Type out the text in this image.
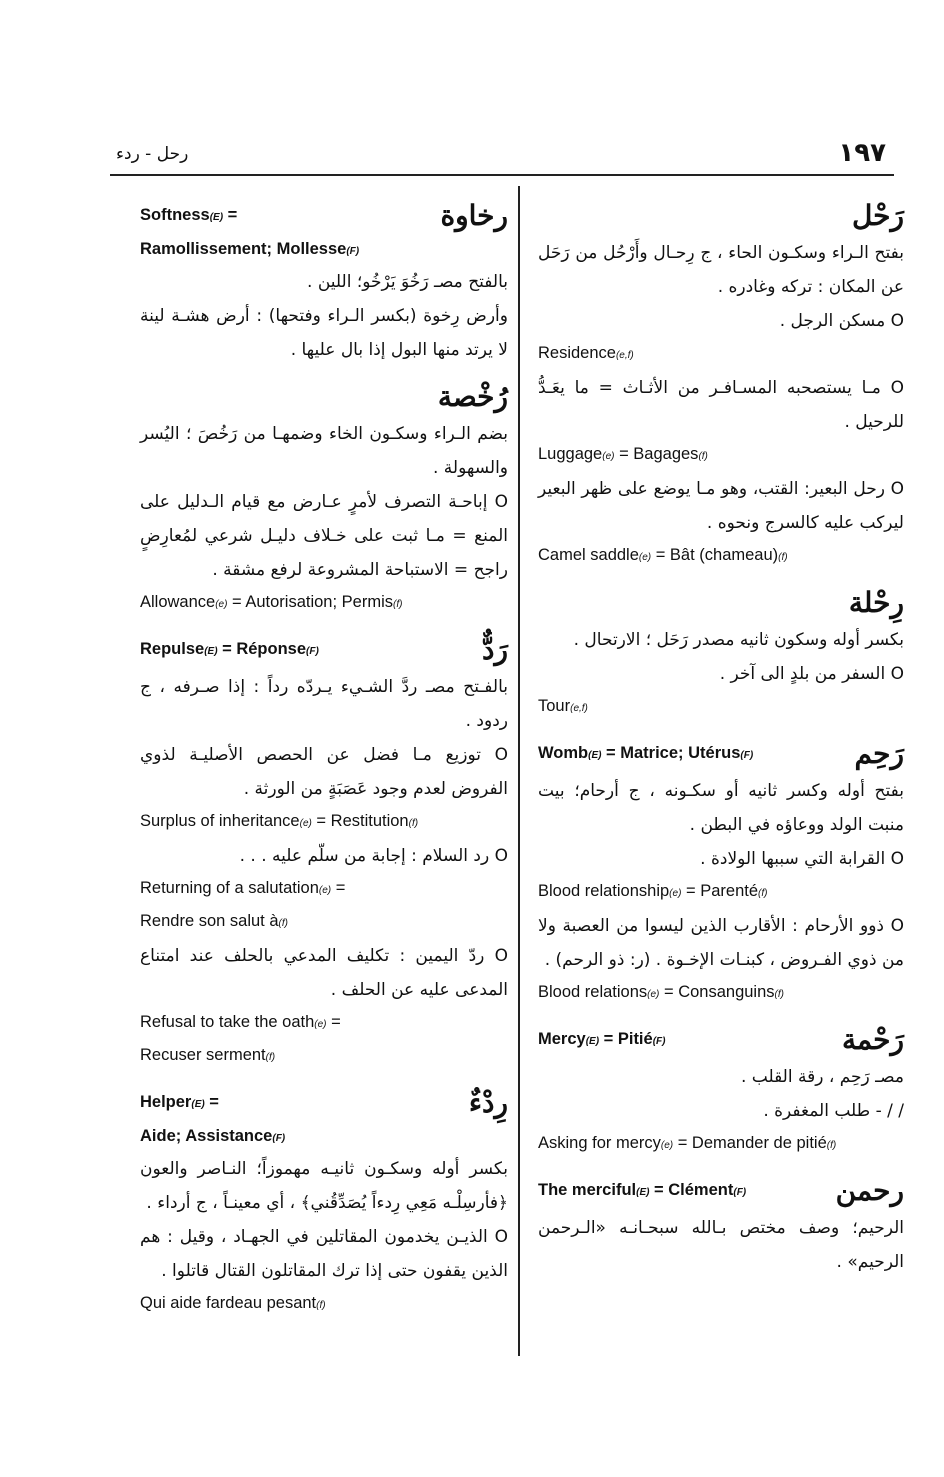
١٩٧
رحل - ردء
رَحْل
بفتح الـراء وسكـون الحاء ، ج رِحـال وأَرْحُل من رَحَل عن المكان : تركه وغادره .
O مسكن الرجل .
Residence(e,f)
O مـا يستصحبه المسـافـر من الأثـاث = ما يعَـدُّ للرحيل .
Luggage(e) = Bagages(f)
O رحل البعير: القتب، وهو مـا يوضع على ظهر البعير ليركب عليه كالسرج ونحوه .
Camel saddle(e) = Bât (chameau)(f)
رِحْلة
بكسر أوله وسكون ثانيه مصدر رَحَل ؛ الارتحال .
O السفر من بلدٍ الى آخر .
Tour(e,f)
Womb(E) = Matrice; Utérus(F)	رَحِم
بفتح أوله وكسر ثانيه أو سكـونه ، ج أرحام؛ بيت منبت الولد ووعاؤه في البطن .
O القرابة التي سببها الولادة .
Blood relationship(e) = Parenté(f)
O ذوو الأرحام : الأقارب الذين ليسوا من العصبة ولا من ذوي الفـروض ، كبنـات الإخـوة . (ر: ذو الرحم) .
Blood relations(e) = Consanguins(f)
Mercy(E) = Pitié(F)	رَحْمة
مصـ رَحِم ، رقة القلب .
/ / - طلب المغفرة .
Asking for mercy(e) = Demander de pitié(f)
The merciful(E) = Clément(F)	رحمن
الرحيم؛ وصف مختص بـالله سبحـانـه «الـرحمن الرحيم» .
Softness(E) =	رخاوة
Ramollissement; Mollesse(F)
بالفتح مصـ رَخُوَ يَرْخُو؛ اللين .
وأرض رِخوة (بكسر الـراء وفتحها) : أرض هشـة لينة لا يرتد منها البول إذا بال عليها .
رُخْصة
بضم الـراء وسكـون الخاء وضمهـا من رَخُصَ ؛ اليُسر والسهولة .
O إباحـة التصرف لأمرٍ عـارض مع قيام الـدليل على المنع = مـا ثبت على خـلاف دليـل شرعي لمُعارِضٍ راجح = الاستباحة المشروعة لرفع مشقة .
Allowance(e) = Autorisation; Permis(f)
Repulse(E) = Réponse(F)	رَدٌّ
بالفـتح مصـ ردَّ الشـيء يـردّه رداً : إذا صـرفه ، ج ردود .
O توزيع مـا فضل عن الحصص الأصليـة لذوي الفروض لعدم وجود عَصَبَةٍ من الورثة .
Surplus of inheritance(e) = Restitution(f)
O رد السلام : إجابة من سلّم عليه . . .
Returning of a salutation(e) =
Rendre son salut à(f)
O ردّ اليمين : تكليف المدعي بالحلف عند امتناع المدعى عليه عن الحلف .
Refusal to take the oath(e) =
Recuser serment(f)
Helper(E) =	رِدْءٌ
Aide; Assistance(F)
بكسر أوله وسكـون ثانيـه مهموزاً؛ النـاصر والعون ﴿فأرسِلْـه مَعِي رِدءاً يُصَدِّقُني﴾ ، أي معينـاً ، ج أرداء .
O الذيـن يخدمون المقاتلين في الجهـاد ، وقيل : هم الذين يقفون حتى إذا ترك المقاتلون القتال قاتلوا .
Qui aide fardeau pesant(f)
